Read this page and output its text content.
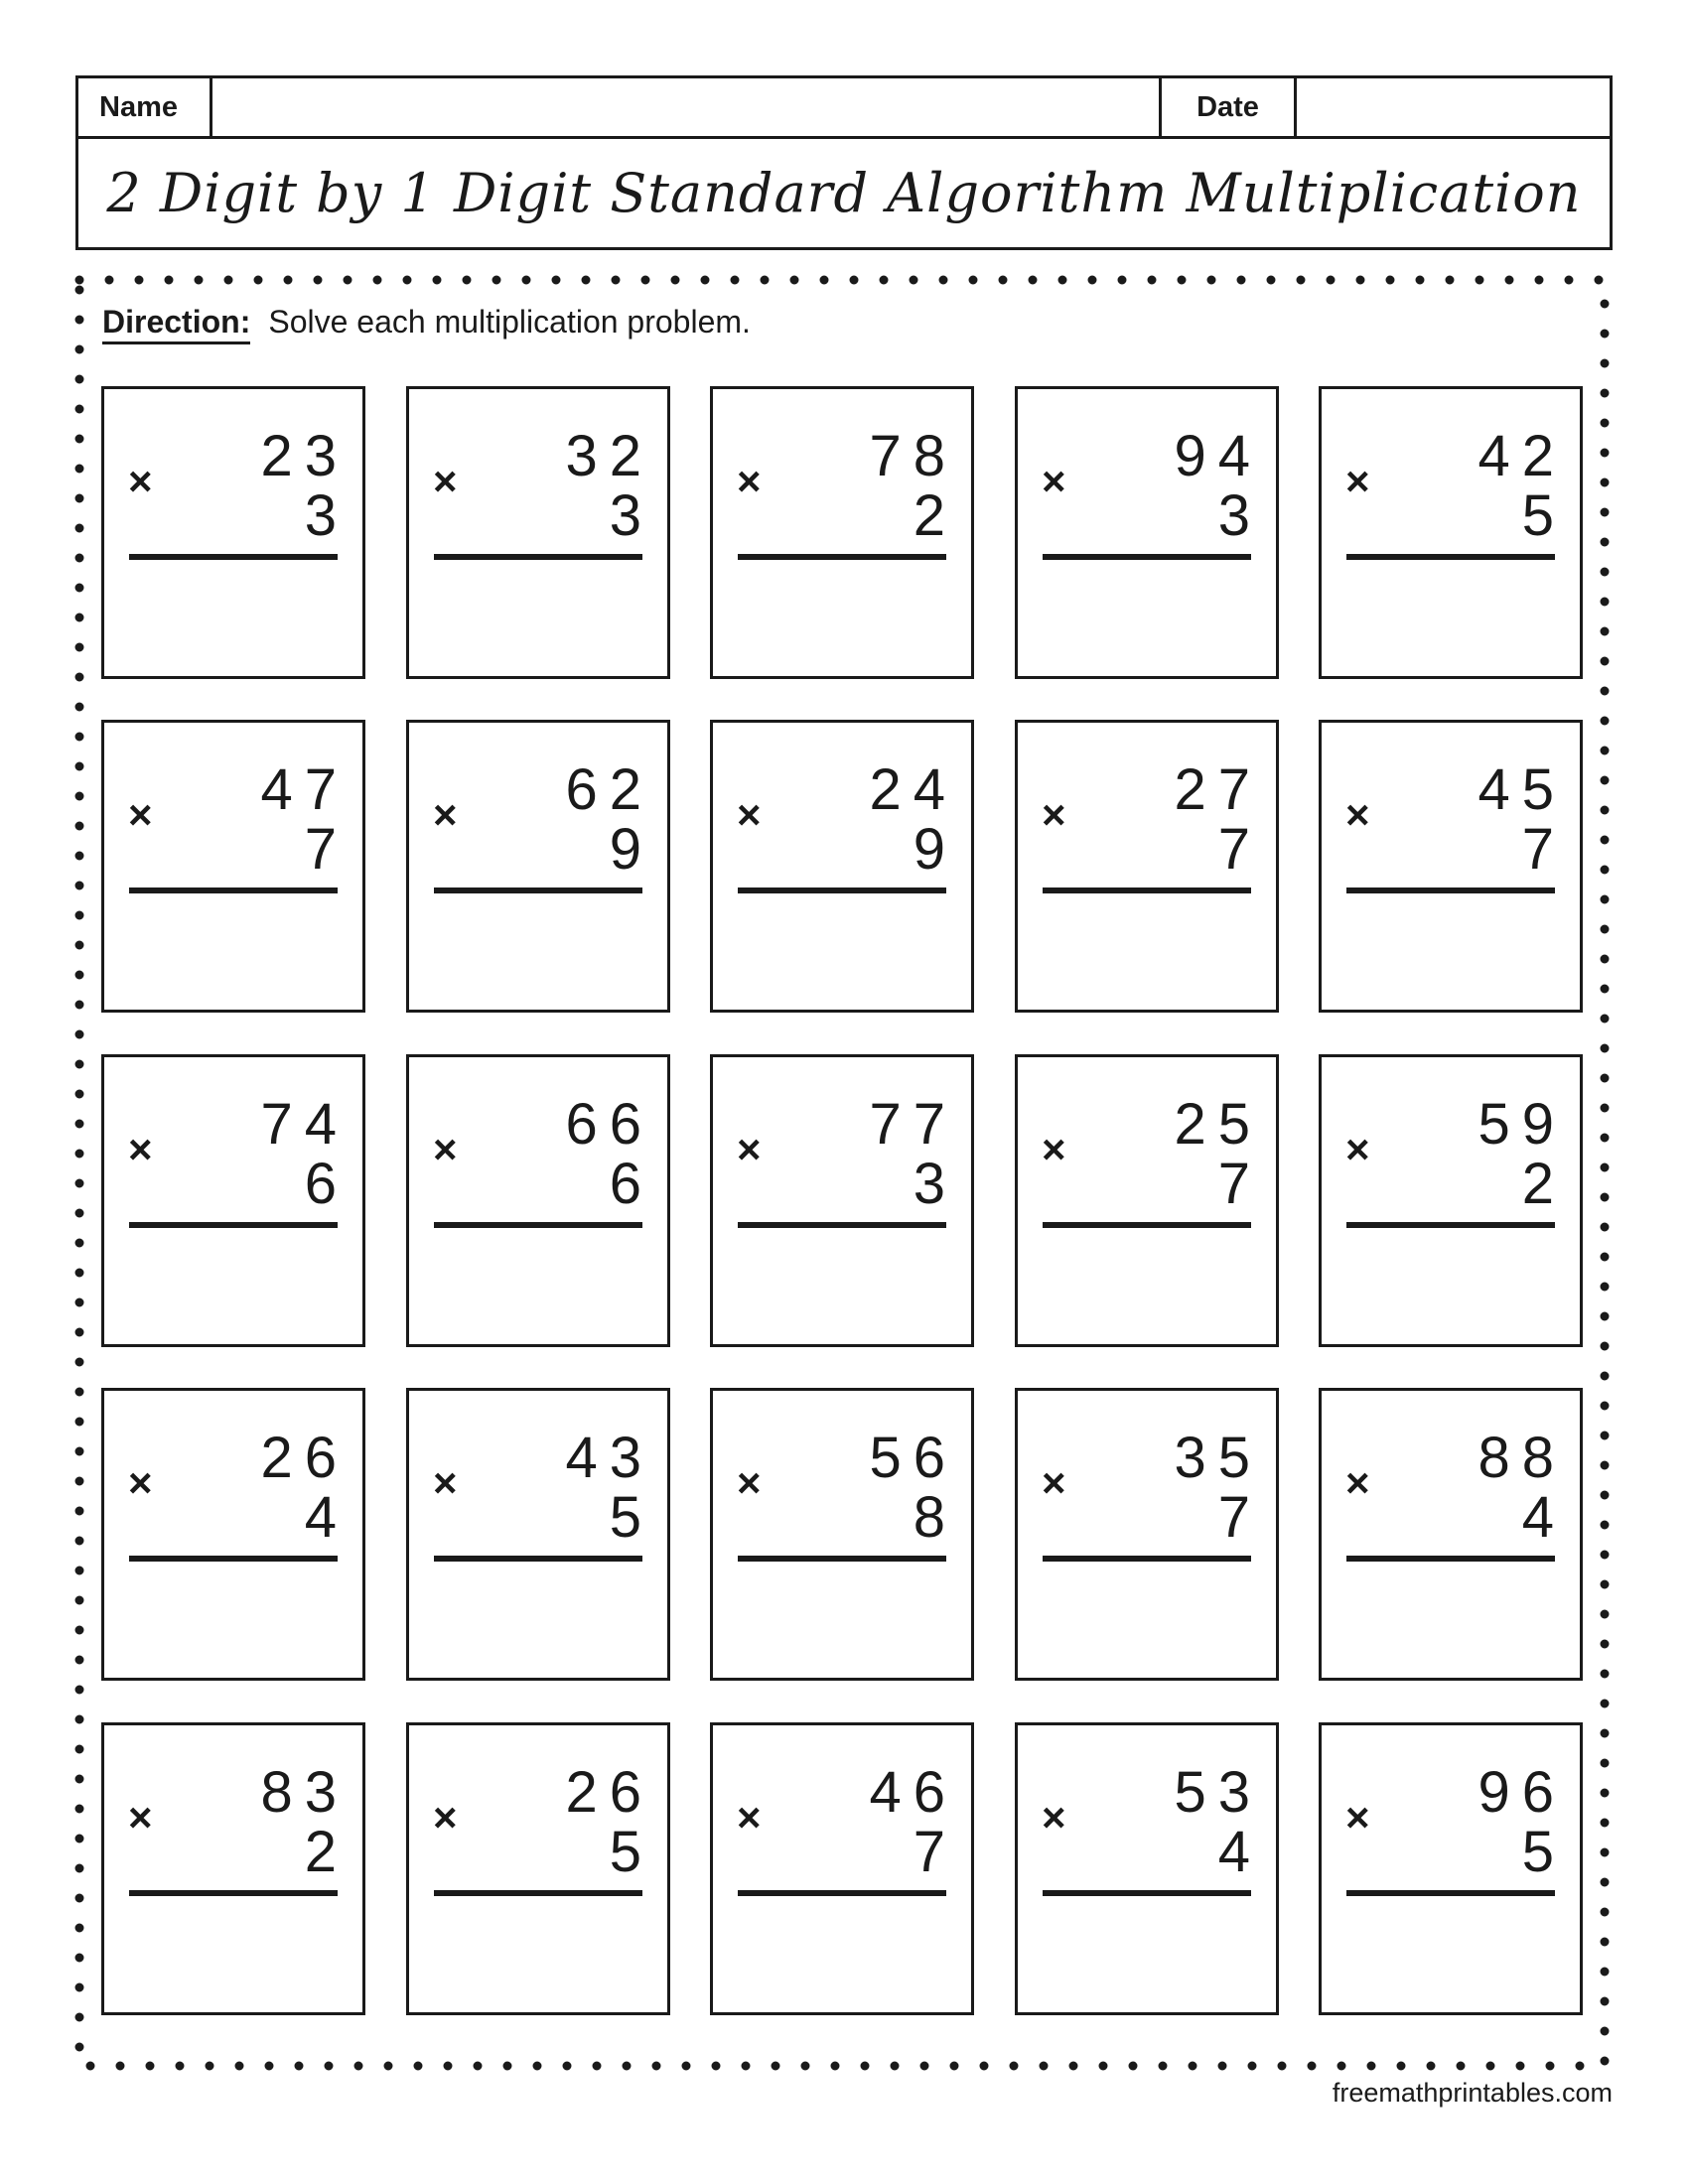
Name	Date
2 Digit by 1 Digit Standard Algorithm Multiplication
Direction: Solve each multiplication problem.
× 23
3
× 32
3
× 78
2
× 94
3
× 42
5
× 47
7
× 62
9
× 24
9
× 27
7
× 45
7
× 74
6
× 66
6
× 77
3
× 25
7
× 59
2
× 26
4
× 43
5
× 56
8
× 35
7
× 88
4
× 83
2
× 26
5
× 46
7
× 53
4
× 96
5
freemathprintables.com
